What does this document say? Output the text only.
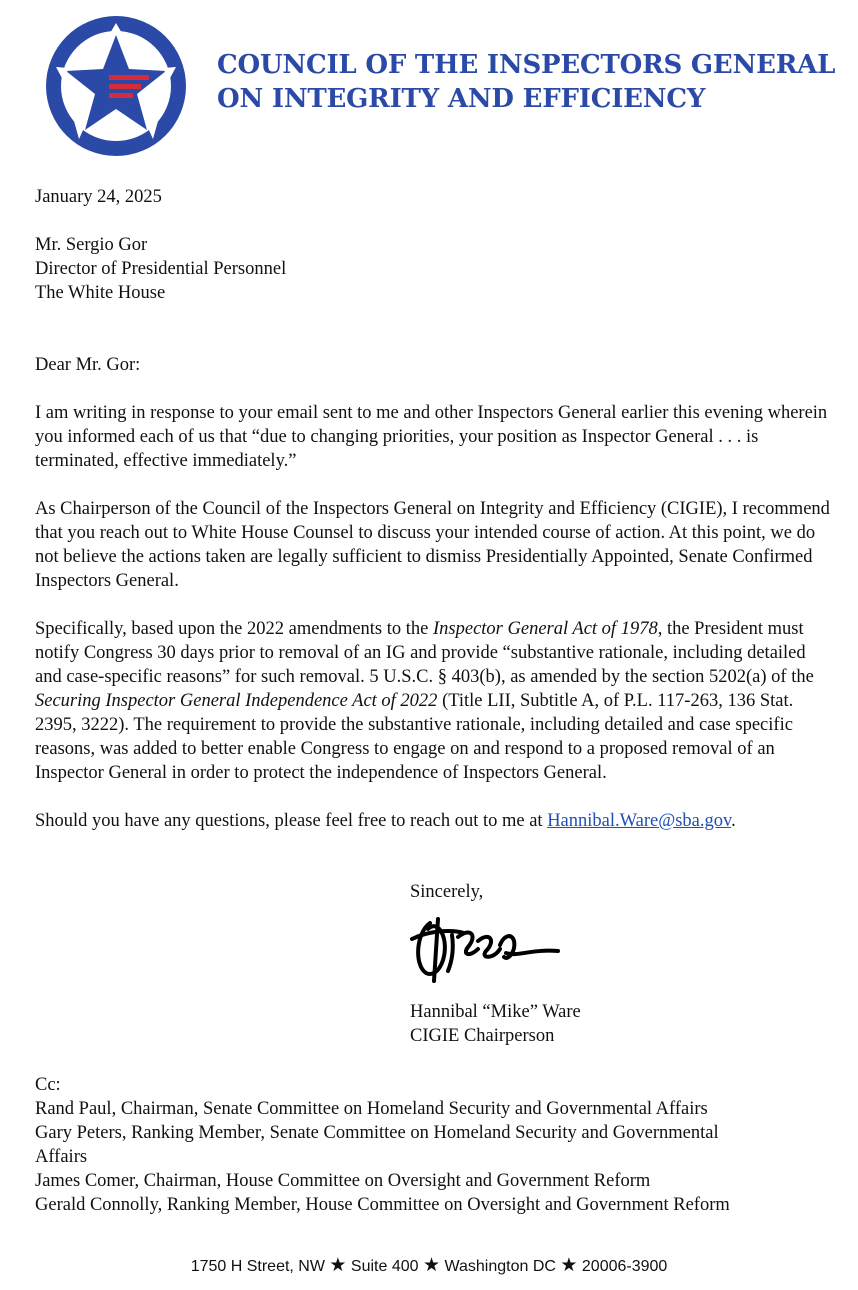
COUNCIL OF THE INSPECTORS GENERAL
ON INTEGRITY AND EFFICIENCY

January 24, 2025

Mr. Sergio Gor
Director of Presidential Personnel
The White House

Dear Mr. Gor:

I am writing in response to your email sent to me and other Inspectors General earlier this evening wherein you informed each of us that “due to changing priorities, your position as Inspector General . . . is terminated, effective immediately.”

As Chairperson of the Council of the Inspectors General on Integrity and Efficiency (CIGIE), I recommend that you reach out to White House Counsel to discuss your intended course of action. At this point, we do not believe the actions taken are legally sufficient to dismiss Presidentially Appointed, Senate Confirmed Inspectors General.

Specifically, based upon the 2022 amendments to the Inspector General Act of 1978, the President must notify Congress 30 days prior to removal of an IG and provide “substantive rationale, including detailed and case-specific reasons” for such removal. 5 U.S.C. § 403(b), as amended by the section 5202(a) of the Securing Inspector General Independence Act of 2022 (Title LII, Subtitle A, of P.L. 117-263, 136 Stat. 2395, 3222). The requirement to provide the substantive rationale, including detailed and case specific reasons, was added to better enable Congress to engage on and respond to a proposed removal of an Inspector General in order to protect the independence of Inspectors General.

Should you have any questions, please feel free to reach out to me at Hannibal.Ware@sba.gov.

Sincerely,
Hannibal “Mike” Ware
CIGIE Chairperson
Cc:
Rand Paul, Chairman, Senate Committee on Homeland Security and Governmental Affairs
Gary Peters, Ranking Member, Senate Committee on Homeland Security and Governmental
Affairs
James Comer, Chairman, House Committee on Oversight and Government Reform
Gerald Connolly, Ranking Member, House Committee on Oversight and Government Reform
1750 H Street, NW ★ Suite 400 ★ Washington DC ★ 20006-3900
